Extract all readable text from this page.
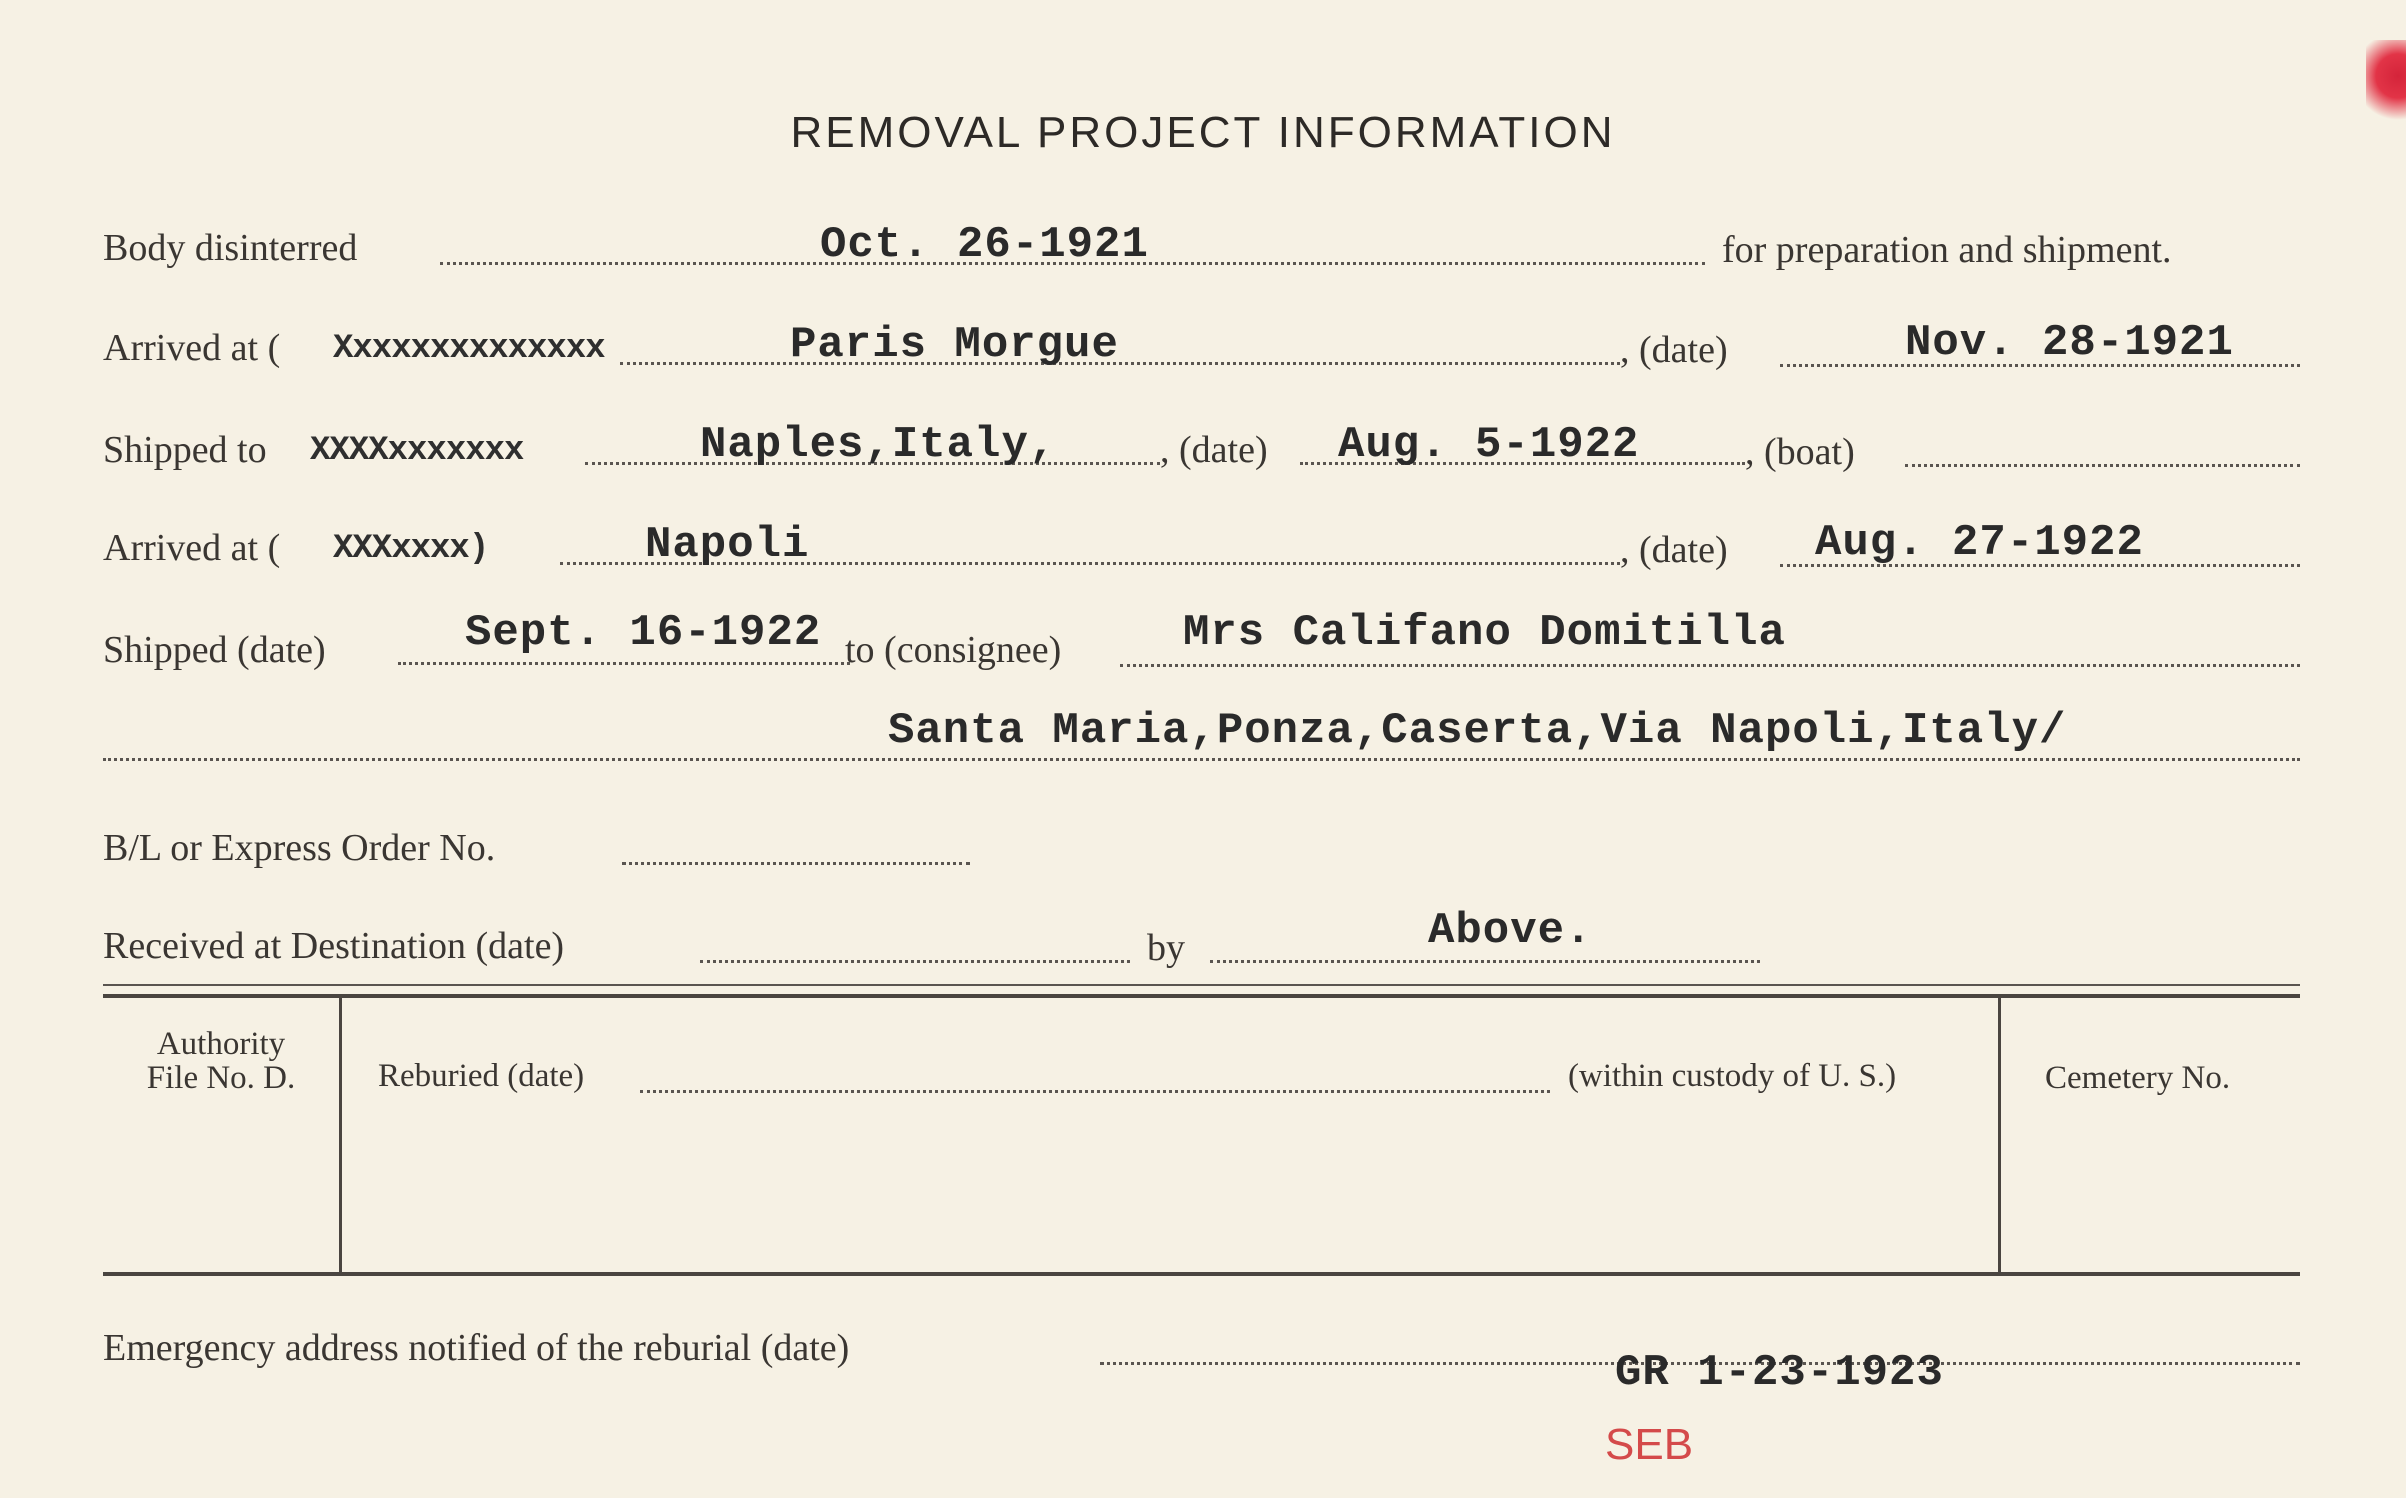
REMOVAL PROJECT INFORMATION
Body disinterred	Oct. 26-1921	for preparation and shipment.
Arrived at ( Xxxxxxxxxxxxxx	Paris Morgue	, (date)	Nov. 28-1921
Shipped to XXXXxxxxxxx	Naples,Italy,	, (date) Aug. 5-1922	, (boat)
Arrived at ( XXXxxxx)	Napoli	, (date) Aug. 27-1922
Shipped (date)	Sept. 16-1922 to (consignee)	Mrs Califano Domitilla
Santa Maria,Ponza,Caserta,Via Napoli,Italy/
B/L or Express Order No.
Received at Destination (date)	by	Above.
Authority
File No. D.	Reburied (date)	(within custody of U. S.)	Cemetery No.
Emergency address notified of the reburial (date)	GR 1-23-1923
SEB
